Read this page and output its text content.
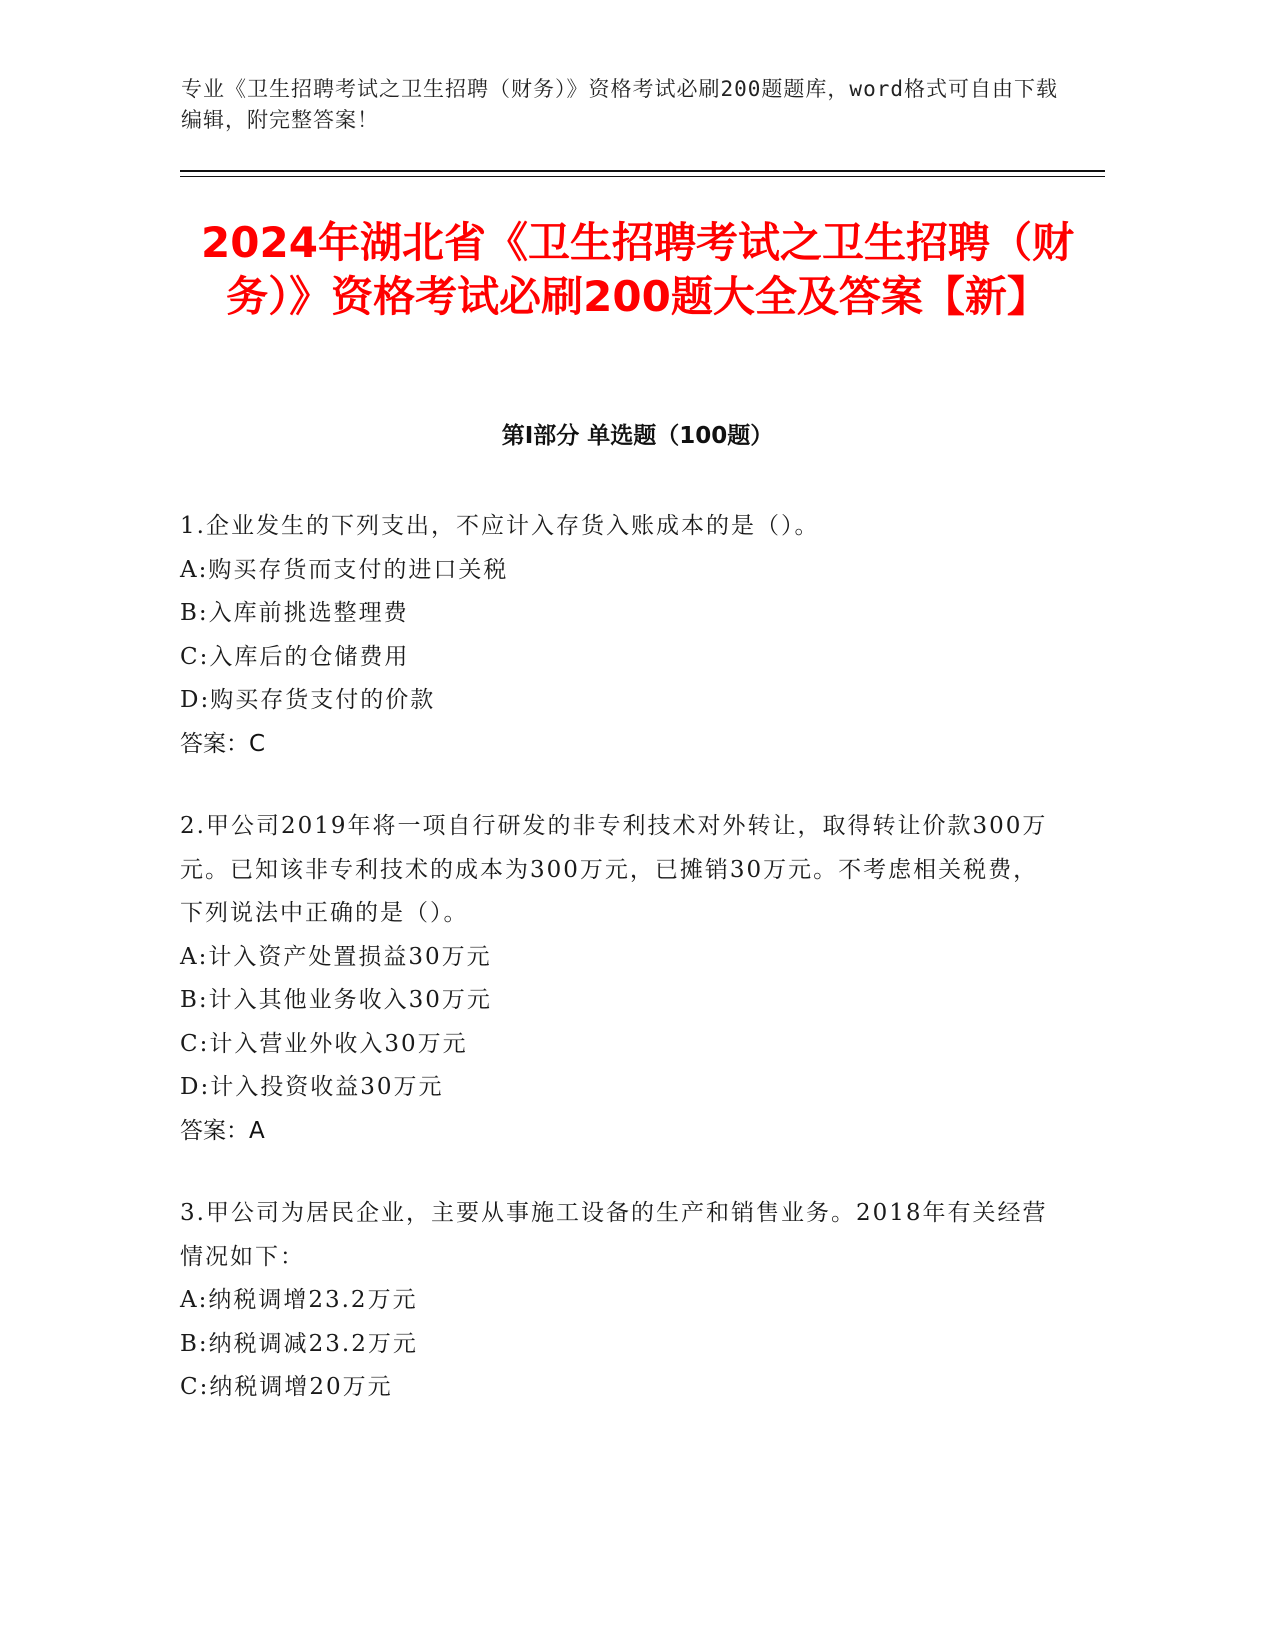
专业《卫生招聘考试之卫生招聘（财务）》资格考试必刷200题题库，word格式可自由下载编辑，附完整答案！
2024年湖北省《卫生招聘考试之卫生招聘（财务）》资格考试必刷200题大全及答案【新】
第I部分 单选题（100题）
1.企业发生的下列支出，不应计入存货入账成本的是（）。
A:购买存货而支付的进口关税
B:入库前挑选整理费
C:入库后的仓储费用
D:购买存货支付的价款
答案：C
2.甲公司2019年将一项自行研发的非专利技术对外转让，取得转让价款300万元。已知该非专利技术的成本为300万元，已摊销30万元。不考虑相关税费，下列说法中正确的是（）。
A:计入资产处置损益30万元
B:计入其他业务收入30万元
C:计入营业外收入30万元
D:计入投资收益30万元
答案：A
3.甲公司为居民企业，主要从事施工设备的生产和销售业务。2018年有关经营情况如下：
A:纳税调增23.2万元
B:纳税调减23.2万元
C:纳税调增20万元
